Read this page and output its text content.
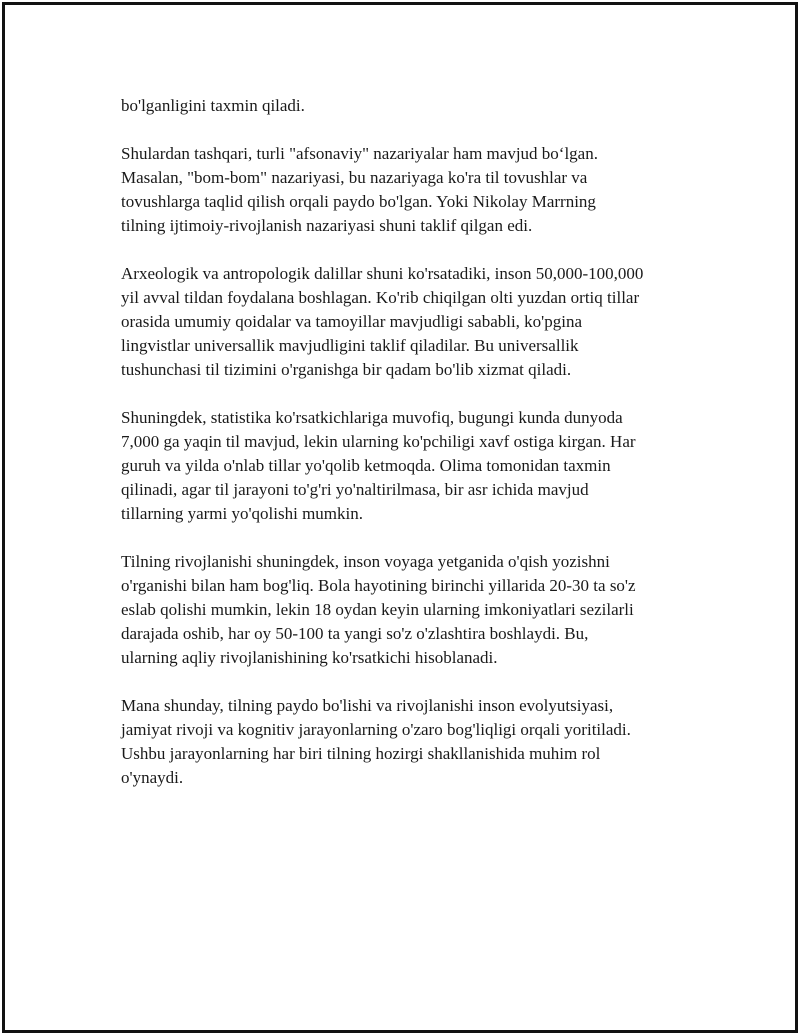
bo'lganligini taxmin qiladi.

Shulardan tashqari, turli "afsonaviy" nazariyalar ham mavjud bo‘lgan.
Masalan, "bom-bom" nazariyasi, bu nazariyaga ko'ra til tovushlar va
tovushlarga taqlid qilish orqali paydo bo'lgan. Yoki Nikolay Marrning
tilning ijtimoiy-rivojlanish nazariyasi shuni taklif qilgan edi.

Arxeologik va antropologik dalillar shuni ko'rsatadiki, inson 50,000-100,000
yil avval tildan foydalana boshlagan. Ko'rib chiqilgan olti yuzdan ortiq tillar
orasida umumiy qoidalar va tamoyillar mavjudligi sababli, ko'pgina
lingvistlar universallik mavjudligini taklif qiladilar. Bu universallik
tushunchasi til tizimini o'rganishga bir qadam bo'lib xizmat qiladi.

Shuningdek, statistika ko'rsatkichlariga muvofiq, bugungi kunda dunyoda
7,000 ga yaqin til mavjud, lekin ularning ko'pchiligi xavf ostiga kirgan. Har
guruh va yilda o'nlab tillar yo'qolib ketmoqda. Olima tomonidan taxmin
qilinadi, agar til jarayoni to'g'ri yo'naltirilmasa, bir asr ichida mavjud
tillarning yarmi yo'qolishi mumkin.

Tilning rivojlanishi shuningdek, inson voyaga yetganida o'qish yozishni
o'rganishi bilan ham bog'liq. Bola hayotining birinchi yillarida 20-30 ta so'z
eslab qolishi mumkin, lekin 18 oydan keyin ularning imkoniyatlari sezilarli
darajada oshib, har oy 50-100 ta yangi so'z o'zlashtira boshlaydi. Bu,
ularning aqliy rivojlanishining ko'rsatkichi hisoblanadi.

Mana shunday, tilning paydo bo'lishi va rivojlanishi inson evolyutsiyasi,
jamiyat rivoji va kognitiv jarayonlarning o'zaro bog'liqligi orqali yoritiladi.
Ushbu jarayonlarning har biri tilning hozirgi shakllanishida muhim rol
o'ynaydi.
